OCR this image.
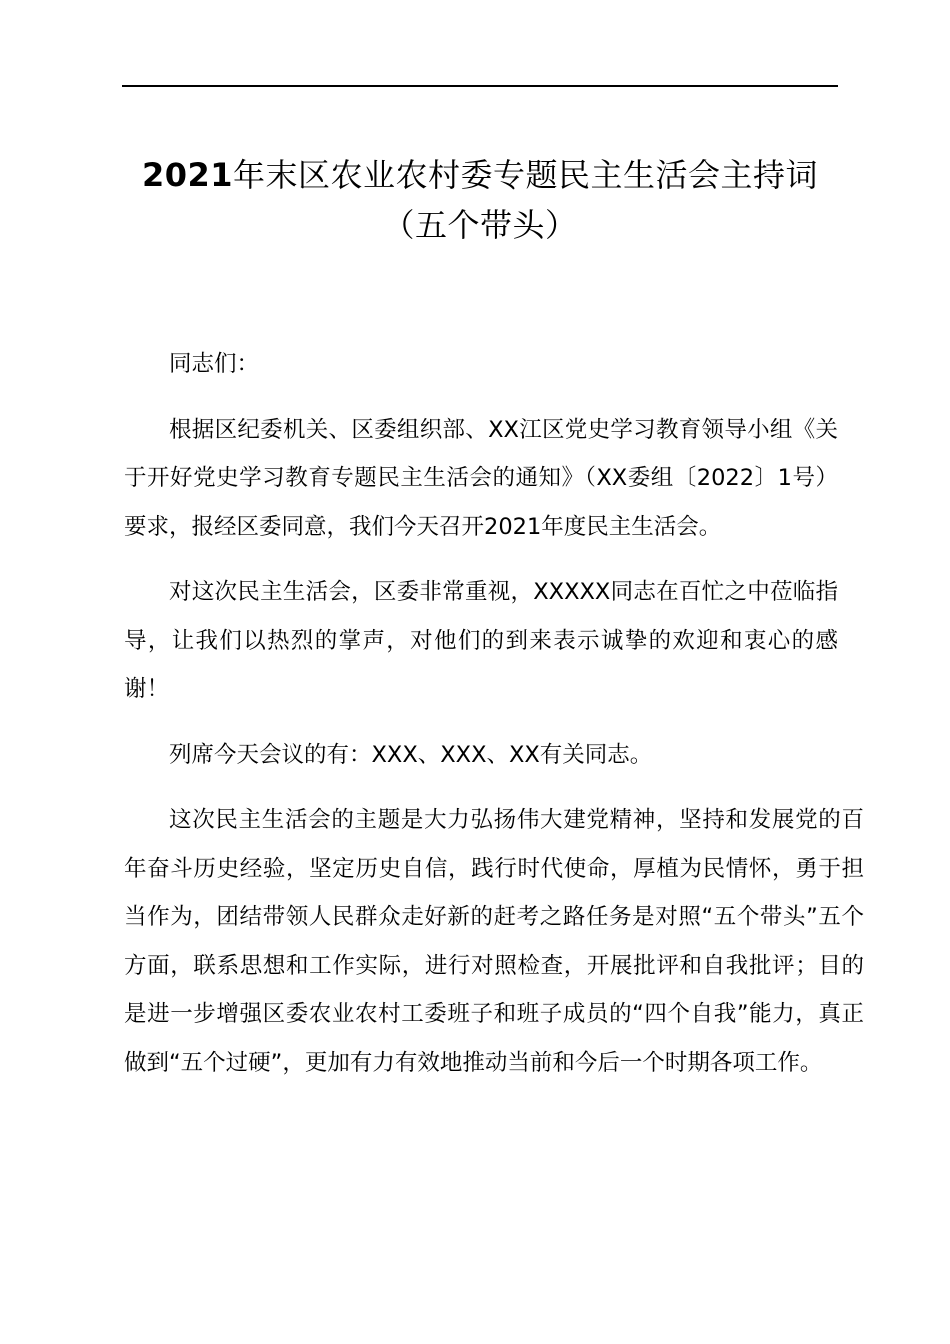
2021年末区农业农村委专题民主生活会主持词（五个带头）

同志们：

根据区纪委机关、区委组织部、XX江区党史学习教育领导小组《关于开好党史学习教育专题民主生活会的通知》（XX委组〔2022〕1号）要求，报经区委同意，我们今天召开2021年度民主生活会。

对这次民主生活会，区委非常重视，XXXXX同志在百忙之中莅临指导，让我们以热烈的掌声，对他们的到来表示诚挚的欢迎和衷心的感谢！

列席今天会议的有：XXX、XXX、XX有关同志。

这次民主生活会的主题是大力弘扬伟大建党精神，坚持和发展党的百年奋斗历史经验，坚定历史自信，践行时代使命，厚植为民情怀，勇于担当作为，团结带领人民群众走好新的赶考之路任务是对照“五个带头”五个方面，联系思想和工作实际，进行对照检查，开展批评和自我批评；目的是进一步增强区委农业农村工委班子和班子成员的“四个自我”能力，真正做到“五个过硬”，更加有力有效地推动当前和今后一个时期各项工作。
